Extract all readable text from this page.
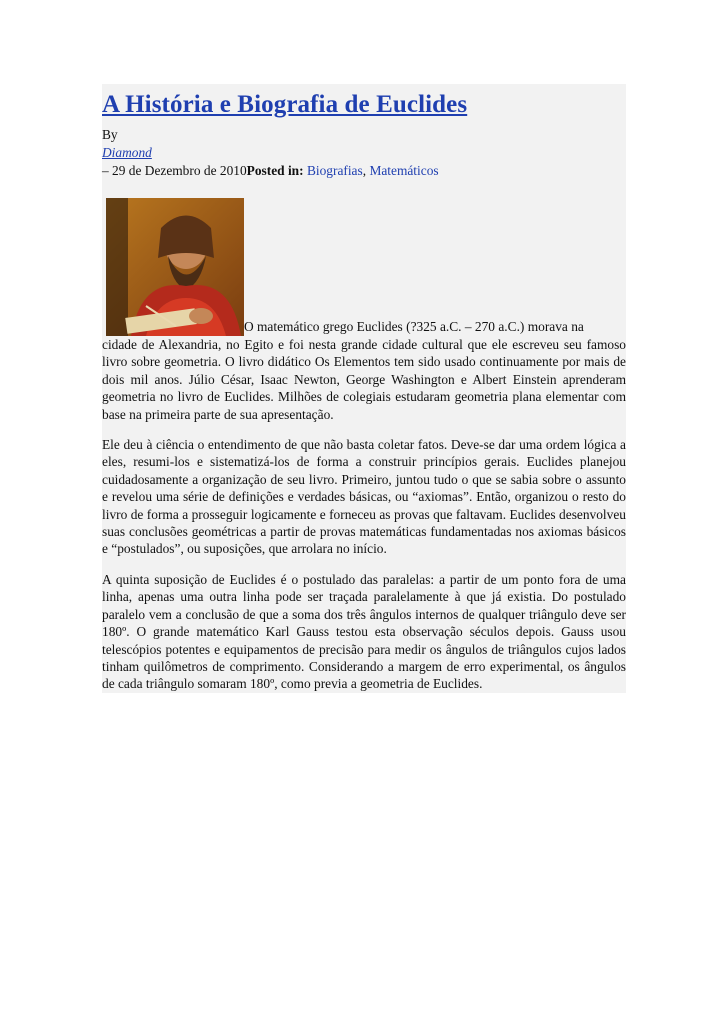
A História e Biografia de Euclides
By
Diamond
– 29 de Dezembro de 2010Posted in: Biografias, Matemáticos
O matemático grego Euclides (?325 a.C. – 270 a.C.) morava na

cidade de Alexandria, no Egito e foi nesta grande cidade cultural que ele escreveu seu famoso livro sobre geometria. O livro didático Os Elementos tem sido usado continuamente por mais de dois mil anos. Júlio César, Isaac Newton, George Washington e Albert Einstein aprenderam geometria no livro de Euclides. Milhões de colegiais estudaram geometria plana elementar com base na primeira parte de sua apresentação.

Ele deu à ciência o entendimento de que não basta coletar fatos. Deve-se dar uma ordem lógica a eles, resumi-los e sistematizá-los de forma a construir princípios gerais. Euclides planejou cuidadosamente a organização de seu livro. Primeiro, juntou tudo o que se sabia sobre o assunto e revelou uma série de definições e verdades básicas, ou “axiomas”. Então, organizou o resto do livro de forma a prosseguir logicamente e forneceu as provas que faltavam. Euclides desenvolveu suas conclusões geométricas a partir de provas matemáticas fundamentadas nos axiomas básicos e “postulados”, ou suposições, que arrolara no início.

A quinta suposição de Euclides é o postulado das paralelas: a partir de um ponto fora de uma linha, apenas uma outra linha pode ser traçada paralelamente à que já existia. Do postulado paralelo vem a conclusão de que a soma dos três ângulos internos de qualquer triângulo deve ser 180º. O grande matemático Karl Gauss testou esta observação séculos depois. Gauss usou telescópios potentes e equipamentos de precisão para medir os ângulos de triângulos cujos lados tinham quilômetros de comprimento. Considerando a margem de erro experimental, os ângulos de cada triângulo somaram 180º, como previa a geometria de Euclides.
